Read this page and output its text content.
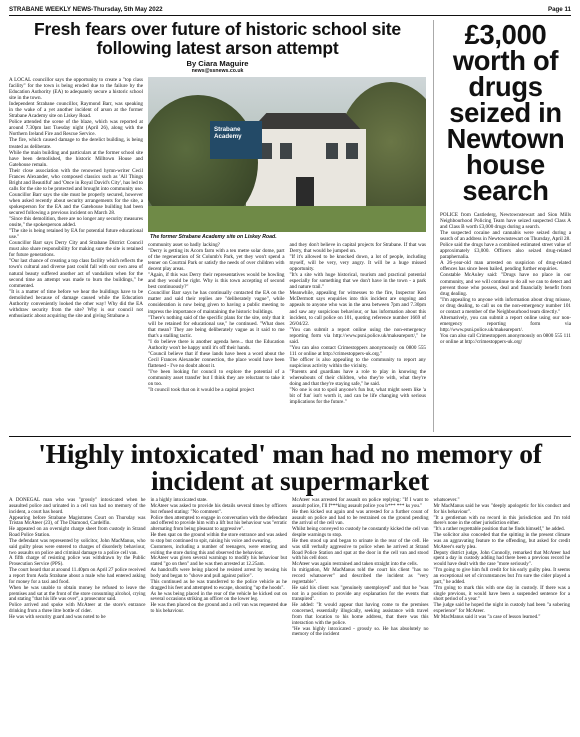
STRABANE WEEKLY NEWS-Thursday, 5th May 2022	Page 11
Fresh fears over future of historic school site following latest arson attempt
By Ciara Maguire
news@ssnews.co.uk

A LOCAL councillor says the opportunity to create a "top class facility" for the town is being eroded due to the failure by the Education Authority (EA) to adequately secure a historic school site in the town.

Independent Strabane councillor, Raymond Barr, was speaking in the wake of a yet another incident of arson at the former Strabane Academy site on Liskey Road.

Police attended the scene of the blaze, which was reported at around 7.30pm last Tuesday night (April 26), along with the Northern Ireland Fire and Rescue Service.

The fire, which caused damage to the derelict building, is being treated as deliberate.

While the main building and particulars at the former school site have been demolished, the historic Milltown House and Gatehouse remain.

Their close association with the renowned hymn-writer Cecil Frances Alexander, who composed classics such as 'All Things Bright and Beautiful' and 'Once in Royal David's City', has led to calls for the site to be protected and brought into community use.

Councillor Barr says the site must be properly secured, however when asked recently about security arrangements for the site, a spokesperson for the EA and the Gatehouse building had been secured following a previous incident on March 28.

"Since this demolition, there are no longer any security measures onsite," the spokesperson added.

"The site is being retained by EA for potential future educational use."

Councillor Barr says Derry City and Strabane District Council must also share responsibility for making sure the site is retained for future generations.

"Our last chance of creating a top class facility which reflects the town's cultural and diverse past could fall with our own area of natural beauty suffered another act of vandalism when for the second time an attempt was made to burn the buildings," he commented.

"It is a matter of time before we hear the buildings have to be demolished because of damage caused while the Education Authority conveniently looked the other way! Why did the EA withdraw security from the site? Why is our council not enthusiastic about acquiring the site and giving Strabane a

Strabane Academy
The former Strabane Academy site on Liskey Road.

community asset so badly lacking?

"Derry is getting its Acorn farm with a ten metre solar dome, part of the regeneration of St Columb's Park, yet they won't spend a tenner on Courtrai Park or satisfy the needs of over children with decent play areas.

"Again, if this was Derry their representatives would be howling and they would be right. Why is this town accepting of second best continuously?"

Councillor Barr says he has continually contacted the EA on the matter and said their replies are "deliberately vague", while consideration is now being given to having a public meeting to impress the importance of maintaining the historic buildings.

"There's nothing said of the specific plans for the site, only that it will be retained for educational use," he continued. "What does that mean? They are being deliberately vague as it said to me that's a stalling tactic.

"I do believe there is another agenda here... that the Education Authority won't be happy until it's off their hands.

"Council believe that if these lands have been a word about the Cecil Frances Alexander connection, the place would have been flattened - I've no doubt about it.

"I've been looking for council to explore the potential of a community asset transfer but I think they are reluctant to take it on too.

"It council took that on it would be a capital project

and they don't believe in capital projects for Strabane. If that was Derry, that would be jumped on.

"If it's allowed to be knocked down, a lot of people, including myself, will be very, very angry. It will be a huge missed opportunity.

"It's a site with huge historical, tourism and practical potential especially for something that we don't have in the town - a park and nature trail."

Meanwhile, appealing for witnesses to the fire, Inspector Ken McDermott says enquiries into this incident are ongoing and appeals to anyone who was in the area between 7pm and 7.30pm and saw any suspicious behaviour, or has information about this incident, to call police on 101, quoting reference number 1669 of 26/04/22.

"You can submit a report online using the non-emergency reporting form via http://www.psni.police.uk/makeareport/," he said.

"You can also contact Crimestoppers anonymously on 0800 555 111 or online at http://crimestoppers-uk.org."

The officer is also appealing to the community to report any suspicious activity within the vicinity.

"Parents and guardians have a role to play in knowing the whereabouts of their children, who they're with, what they're doing and that they're staying safe," he said.

"No one is out to spoil anyone's fun but, what might seem like 'a bit of fun' isn't worth it, and can be life changing with serious implications for the future."

£3,000 worth of drugs seized in Newtown house search

POLICE from Castlederg, Newtownstewart and Sion Mills Neighbourhood Policing Team have seized suspected Class A and Class B worth £3,000 drugs during a search.

The suspected cocaine and cannabis were seized during a search of an address in Newtownstewart on Thursday, April 28.

Police said the drugs have a combined estimated street value of approximately £3,000. Officers also seized drug-related paraphernalia.

A 26-year-old man arrested on suspicion of drug-related offences has since been bailed, pending further enquiries.

Constable McAuley said: "Drugs have no place in our community, and we will continue to do all we can to detect and prevent those who possess, deal and financially benefit from drug dealing.

"I'm appealing to anyone with information about drug misuse, or drug dealing, to call us on the non-emergency number 101 or contact a member of the Neighbourhood team directly."

Alternatively, you can submit a report online using our non-emergency reporting form via http://www.psni.police.uk/makeareport/.

You can also call Crimestoppers anonymously on 0800 555 111 or online at http://crimestoppers-uk.org/

'Highly intoxicated' man had no memory of incident at supermarket

A DONEGAL man who was "grossly" intoxicated when he assaulted police and urinated in a cell van had no memory of the incident, a court has heard.

Appearing before Strabane Magistrates Court on Thursday was Tristan McAteer (23), of The Diamond, Cardelfin.

He appeared on an overnight charge sheet from custody in Strand Road Police Station.

The defendant was represented by solicitor, John MacManus, who said guilty pleas were entered to charges of disorderly behaviour, two assaults on police and criminal damage to a police cell van.

A fifth charge of resisting police was withdrawn by the Public Prosecution Service (PPS).

The court heard that at around 11.40pm on April 27 police received a report from Asda Strabane about a male who had entered asking for money for a taxi and food.

When he was unable to obtain money he refused to leave the premises and sat at the front of the store consuming alcohol, crying and stating "that his life was over", a prosecutor said.

Police arrived and spoke with McAteer at the store's entrance drinking from a three litre bottle of cider.

He was with security guard and was noted to be

in a highly intoxicated state.

McAteer was asked to provide his details several times by officers but refused stating: "No comment".

Police then attempted to engage in conversation with the defendant and offered to provide him with a lift but his behaviour was "erratic alternating from being pleasant to aggressive".

He then spat on the ground within the store entrance and was asked to stop but continued to spit, raising his voice and swearing.

Customers, including a number of teenagers, were entering and exiting the store during this and observed the behaviour.

McAteer was given several warnings to modify his behaviour but stated "go on then" and he was then arrested at 12.25am.

As handcuffs were being placed he resisted arrest by tensing his body and began to "shove and pull against police".

This continued as he was transferred to the police vehicle as he dragged his feet and attempted to escape, shouting "up the hoods".

As he was being placed in the rear of the vehicle he kicked out on several occasions striking an officer on the lower leg.

He was then placed on the ground and a cell van was requested due to his behaviour.

McAteer was arrested for assault on police replying: "If I want to assault police, I'll f***king assault police you b*** *** ks you."

He then kicked out again and was arrested for a further count of assault on police and had to be restrained on the ground pending the arrival of the cell van.

Whilst being conveyed to custody he constantly kicked the cell van despite warnings to stop.

He then stood up and began to urinate in the rear of the cell. He was still verbally aggressive to police when he arrived at Strand Road Police Station and spat at the door in the cell van and stood with his cell door.

McAteer was again restrained and taken straight into the cells.

In mitigation, Mr MacManus told the court his client "has no record whatsoever" and described the incident as "very regrettable".

He said his client was "genuinely unemployed" and that he "was not in a position to provide any explanation for the events that transpired".

He added: "It would appear that having come to the premises concerned, essentially illogically, seeking assistance with travel from that location to his home address, that there was this interaction with the police.

"He was highly intoxicated - grossly so. He has absolutely no memory of the incident

whatsoever."

Mr MacManus said he was "deeply apologetic for his conduct and for his behaviour".

"It a gentleman with no record in this jurisdiction and I'm told there's none in the other jurisdiction either.

"It's a rather regrettable position that he finds himself," he added.

The solicitor also conceded that the spitting in the present climate was an aggravating feature to the offending, but asked for credit McAteer's early plea.

Deputy district judge, John Connolly, remarked that McAteer had spent a day in custody adding had there been a previous record he would have dealt with the case "more seriously".

"I'm going to give him full credit for his early guilty plea. It seems an exceptional set of circumstances but I'm sure the cider played a part," he added.

"I'm going to mark this with one day in custody. If there was a single previous, it would have been a suspended sentence for a short period of a year."

The judge said he hoped the night in custody had been "a sobering experience" for McAteer.

Mr MacManus said it was "a case of lesson learned."
